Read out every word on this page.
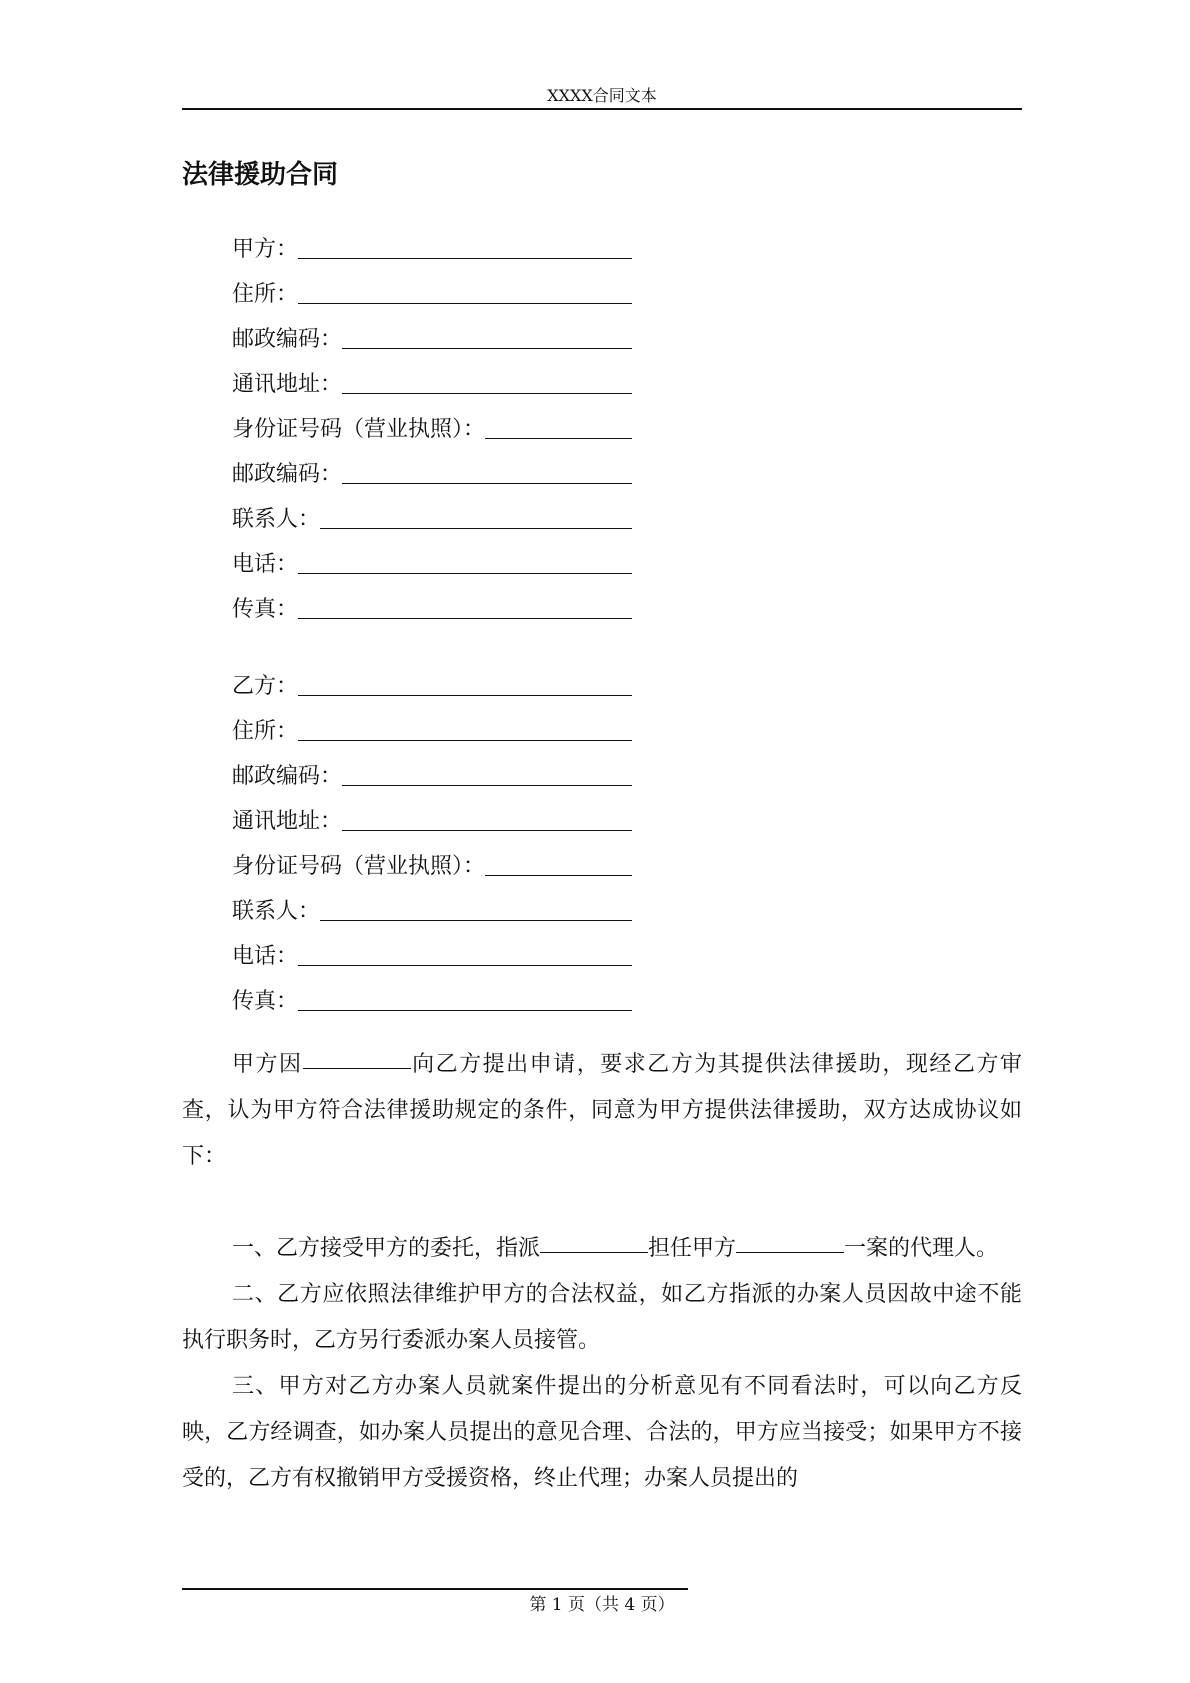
XXXX合同文本
法律援助合同
甲方：
住所：
邮政编码：
通讯地址：
身份证号码（营业执照）：
邮政编码：
联系人：
电话：
传真：
乙方：
住所：
邮政编码：
通讯地址：
身份证号码（营业执照）：
联系人：
电话：
传真：

甲方因	向乙方提出申请，要求乙方为其提供法律援助，现经乙方审查，认为甲方符合法律援助规定的条件，同意为甲方提供法律援助，双方达成协议如下：

一、乙方接受甲方的委托，指派	担任甲方	一案的代理人。

二、乙方应依照法律维护甲方的合法权益，如乙方指派的办案人员因故中途不能执行职务时，乙方另行委派办案人员接管。

三、甲方对乙方办案人员就案件提出的分析意见有不同看法时，可以向乙方反映，乙方经调查，如办案人员提出的意见合理、合法的，甲方应当接受；如果甲方不接受的，乙方有权撤销甲方受援资格，终止代理；办案人员提出的

第 1 页（共 4 页）
